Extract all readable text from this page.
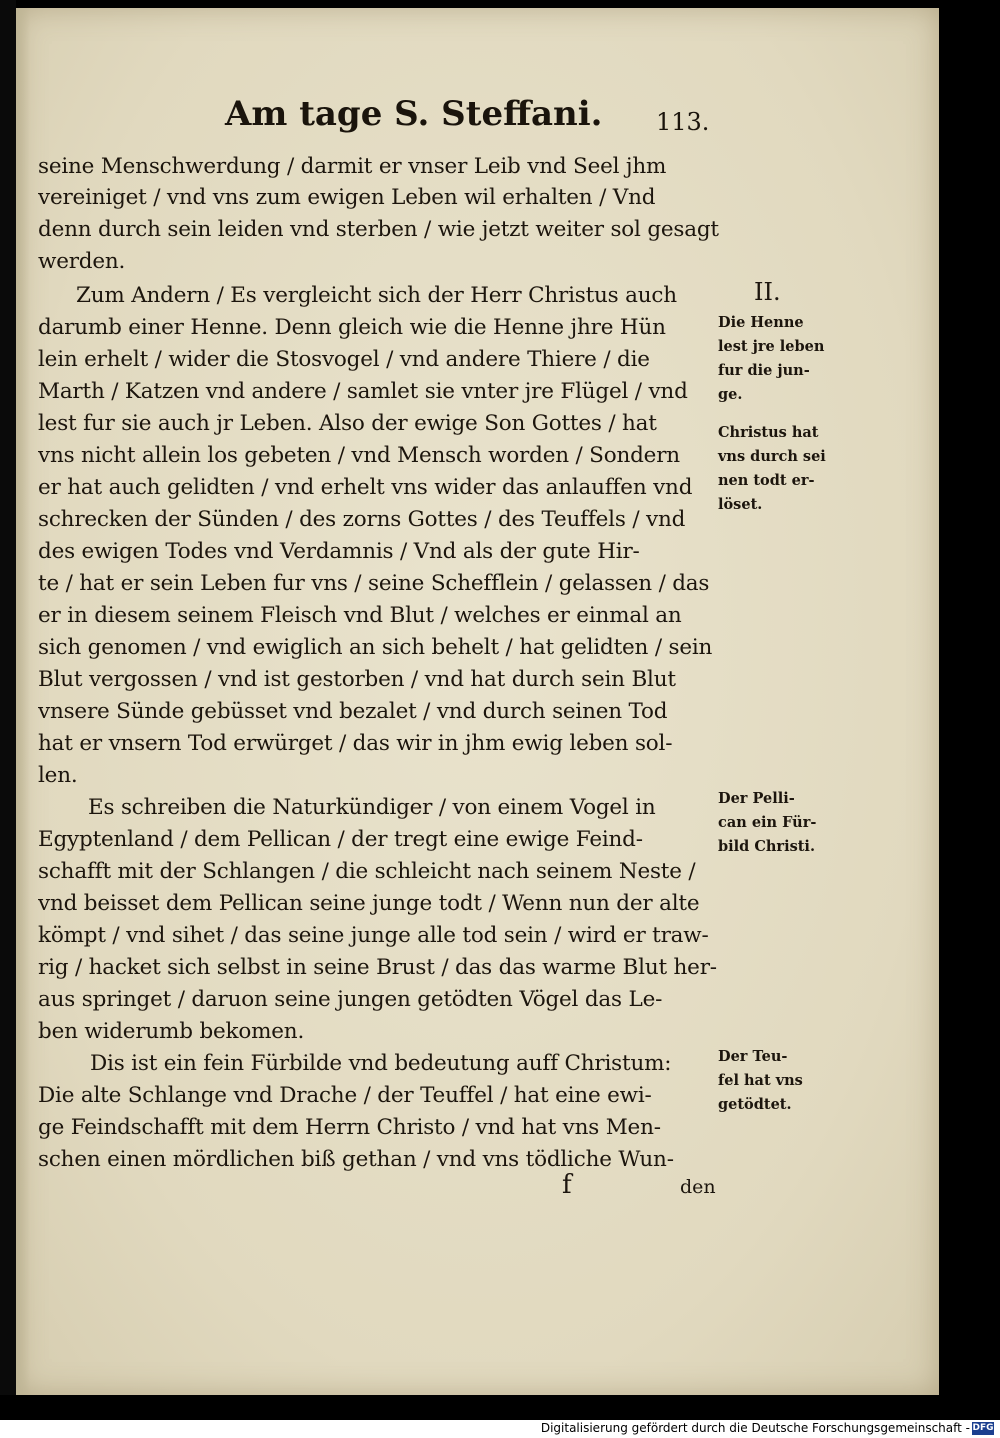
Am tage S. Steffani. 113.
seine Menschwerdung / darmit er vnser Leib vnd Seel jhm
vereiniget / vnd vns zum ewigen Leben wil erhalten / Vnd
denn durch sein leiden vnd sterben / wie jetzt weiter sol gesagt
werden.
Zum Andern / Es vergleicht sich der Herr Christus auch
darumb einer Henne. Denn gleich wie die Henne jhre Hün
lein erhelt / wider die Stosvogel / vnd andere Thiere / die
Marth / Katzen vnd andere / samlet sie vnter jre Flügel / vnd
lest fur sie auch jr Leben. Also der ewige Son Gottes / hat
vns nicht allein los gebeten / vnd Mensch worden / Sondern
er hat auch gelidten / vnd erhelt vns wider das anlauffen vnd
schrecken der Sünden / des zorns Gottes / des Teuffels / vnd
des ewigen Todes vnd Verdamnis / Vnd als der gute Hir-
te / hat er sein Leben fur vns / seine Schefflein / gelassen / das
er in diesem seinem Fleisch vnd Blut / welches er einmal an
sich genomen / vnd ewiglich an sich behelt / hat gelidten / sein
Blut vergossen / vnd ist gestorben / vnd hat durch sein Blut
vnsere Sünde gebüsset vnd bezalet / vnd durch seinen Tod
hat er vnsern Tod erwürget / das wir in jhm ewig leben sol-
len.
Es schreiben die Naturkündiger / von einem Vogel in
Egyptenland / dem Pellican / der tregt eine ewige Feind-
schafft mit der Schlangen / die schleicht nach seinem Neste /
vnd beisset dem Pellican seine junge todt / Wenn nun der alte
kömpt / vnd sihet / das seine junge alle tod sein / wird er traw-
rig / hacket sich selbst in seine Brust / das das warme Blut her-
aus springet / daruon seine jungen getödten Vögel das Le-
ben widerumb bekomen.
Dis ist ein fein Fürbilde vnd bedeutung auff Christum:
Die alte Schlange vnd Drache / der Teuffel / hat eine ewi-
ge Feindschafft mit dem Herrn Christo / vnd hat vns Men-
schen einen mördlichen biß gethan / vnd vns tödliche Wun-
II.
Die Henne
lest jre leben
fur die jun-
ge.
Christus hat
vns durch sei
nen todt er-
löset.
Der Pelli-
can ein Für-
bild Christi.
Der Teu-
fel hat vns
getödtet.
f	den
Digitalisierung gefördert durch die Deutsche Forschungsgemeinschaft - DFG
